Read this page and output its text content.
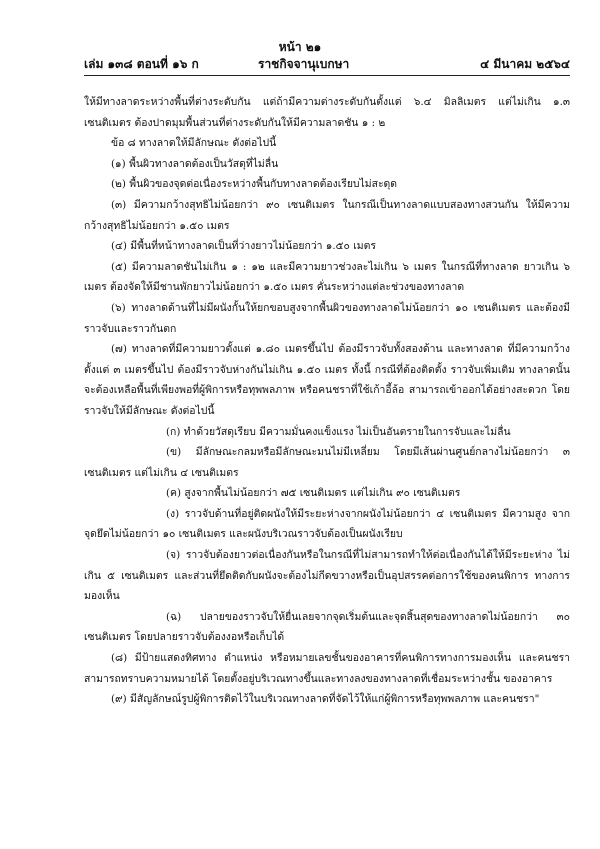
หน้า ๒๑
เล่ม ๑๓๘ ตอนที่ ๑๖ ก	ราชกิจจานุเบกษา	๔ มีนาคม ๒๕๖๔

ให้มีทางลาดระหว่างพื้นที่ต่างระดับกัน แต่ถ้ามีความต่างระดับกันตั้งแต่ ๖.๔ มิลลิเมตร แต่ไม่เกิน ๑.๓ เซนติเมตร ต้องปาดมุมพื้นส่วนที่ต่างระดับกันให้มีความลาดชัน ๑ : ๒

ข้อ ๘ ทางลาดให้มีลักษณะ ดังต่อไปนี้

(๑) พื้นผิวทางลาดต้องเป็นวัสดุที่ไม่ลื่น

(๒) พื้นผิวของจุดต่อเนื่องระหว่างพื้นกับทางลาดต้องเรียบไม่สะดุด

(๓) มีความกว้างสุทธิไม่น้อยกว่า ๙๐ เซนติเมตร ในกรณีเป็นทางลาดแบบสองทางสวนกัน ให้มีความกว้างสุทธิไม่น้อยกว่า ๑.๕๐ เมตร

(๔) มีพื้นที่หน้าทางลาดเป็นที่ว่างยาวไม่น้อยกว่า ๑.๕๐ เมตร

(๕) มีความลาดชันไม่เกิน ๑ : ๑๒ และมีความยาวช่วงละไม่เกิน ๖ เมตร ในกรณีที่ทางลาด ยาวเกิน ๖ เมตร ต้องจัดให้มีชานพักยาวไม่น้อยกว่า ๑.๕๐ เมตร คั่นระหว่างแต่ละช่วงของทางลาด

(๖) ทางลาดด้านที่ไม่มีผนังกั้นให้ยกขอบสูงจากพื้นผิวของทางลาดไม่น้อยกว่า ๑๐ เซนติเมตร และต้องมีราวจับและราวกันตก

(๗) ทางลาดที่มีความยาวตั้งแต่ ๑.๘๐ เมตรขึ้นไป ต้องมีราวจับทั้งสองด้าน และทางลาด ที่มีความกว้างตั้งแต่ ๓ เมตรขึ้นไป ต้องมีราวจับห่างกันไม่เกิน ๑.๕๐ เมตร ทั้งนี้ กรณีที่ต้องติดตั้ง ราวจับเพิ่มเติม ทางลาดนั้นจะต้องเหลือพื้นที่เพียงพอที่ผู้พิการหรือทุพพลภาพ หรือคนชราที่ใช้เก้าอี้ล้อ สามารถเข้าออกได้อย่างสะดวก โดยราวจับให้มีลักษณะ ดังต่อไปนี้

(ก) ทำด้วยวัสดุเรียบ มีความมั่นคงแข็งแรง ไม่เป็นอันตรายในการจับและไม่ลื่น

(ข) มีลักษณะกลมหรือมีลักษณะมนไม่มีเหลี่ยม โดยมีเส้นผ่านศูนย์กลางไม่น้อยกว่า ๓ เซนติเมตร แต่ไม่เกิน ๔ เซนติเมตร

(ค) สูงจากพื้นไม่น้อยกว่า ๗๕ เซนติเมตร แต่ไม่เกิน ๙๐ เซนติเมตร

(ง) ราวจับด้านที่อยู่ติดผนังให้มีระยะห่างจากผนังไม่น้อยกว่า ๔ เซนติเมตร มีความสูง จากจุดยึดไม่น้อยกว่า ๑๐ เซนติเมตร และผนังบริเวณราวจับต้องเป็นผนังเรียบ

(จ) ราวจับต้องยาวต่อเนื่องกันหรือในกรณีที่ไม่สามารถทำให้ต่อเนื่องกันได้ให้มีระยะห่าง ไม่เกิน ๕ เซนติเมตร และส่วนที่ยึดติดกับผนังจะต้องไม่กีดขวางหรือเป็นอุปสรรคต่อการใช้ของคนพิการ ทางการมองเห็น

(ฉ) ปลายของราวจับให้ยื่นเลยจากจุดเริ่มต้นและจุดสิ้นสุดของทางลาดไม่น้อยกว่า ๓๐ เซนติเมตร โดยปลายราวจับต้องงอหรือเก็บได้

(๘) มีป้ายแสดงทิศทาง ตำแหน่ง หรือหมายเลขชั้นของอาคารที่คนพิการทางการมองเห็น และคนชราสามารถทราบความหมายได้ โดยตั้งอยู่บริเวณทางขึ้นและทางลงของทางลาดที่เชื่อมระหว่างชั้น ของอาคาร

(๙) มีสัญลักษณ์รูปผู้พิการติดไว้ในบริเวณทางลาดที่จัดไว้ให้แก่ผู้พิการหรือทุพพลภาพ และคนชรา"
